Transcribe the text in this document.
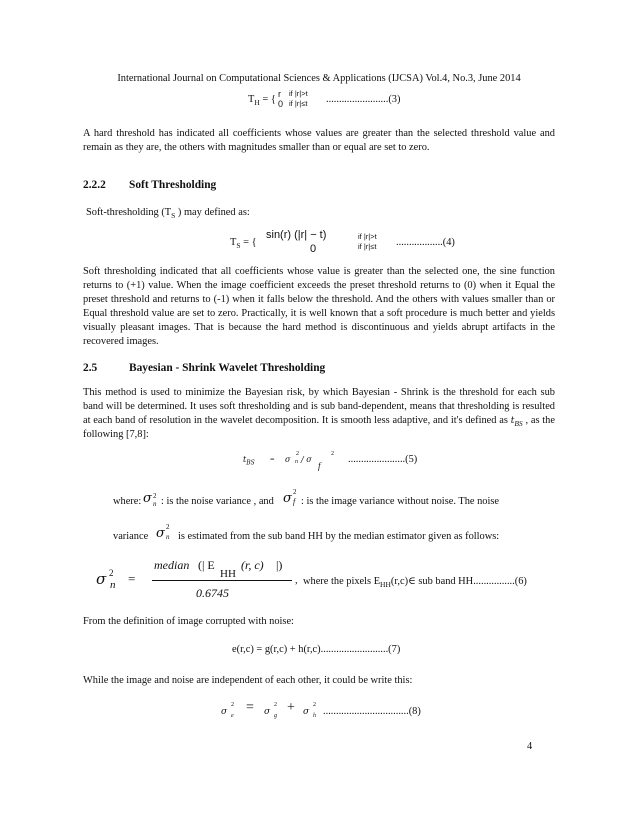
International Journal on Computational Sciences & Applications (IJCSA) Vol.4, No.3, June 2014
$T_H$ = { r if |r|>t
0 if |r|≤t ........................(3)
A hard threshold has indicated all coefficients whose values are greater than the selected threshold value and remain as they are, the others with magnitudes smaller than or equal are set to zero.
2.2.2 Soft Thresholding
Soft-thresholding ($T_S$ ) may defined as:
$T_S$ = {
sin(r) (|r| − t)	if |r|>t
0	if |r|≤t ..................(4)
Soft thresholding indicated that all coefficients whose value is greater than the selected one, the sine function returns to (+1) value. When the image coefficient exceeds the preset threshold returns to (0) when it Equal the preset threshold and returns to (-1) when it falls below the threshold. And the others with values smaller than or Equal threshold value are set to zero. Practically, it is well known that a soft procedure is much better and yields visually pleasant images. That is because the hard method is discontinuous and yields abrupt artifacts in the recovered images.
2.5	Bayesian - Shrink Wavelet Thresholding
This method is used to minimize the Bayesian risk, by which Bayesian - Shrink is the threshold for each sub band will be determined. It uses soft thresholding and is sub band-dependent, means that thresholding is resulted at each band of resolution in the wavelet decomposition. It is smooth less adaptive, and it's defined as $t_{BS}$ , as the following [7,8]:
$t_{BS} = \sigma$
2
n / σ
f
2 ......................(5)
where: σ 2
n : is the noise variance , and σ 2
f : is the image variance without noise. The noise
variance σ 2
n is estimated from the sub band HH by the median estimator given as follows:
σ 2
n =
median (| E
HH
(r, c) |)
0.6745
, where the pixels $E_{HH}(r,c)\in$ sub band HH................(6)
From the definition of image corrupted with noise:
e(r,c) = g(r,c) + h(r,c)..........................(7)
While the image and noise are independent of each other, it could be write this:
σ
2
e
= σ
2
g
+ σ
2
h .................................(8)
4
